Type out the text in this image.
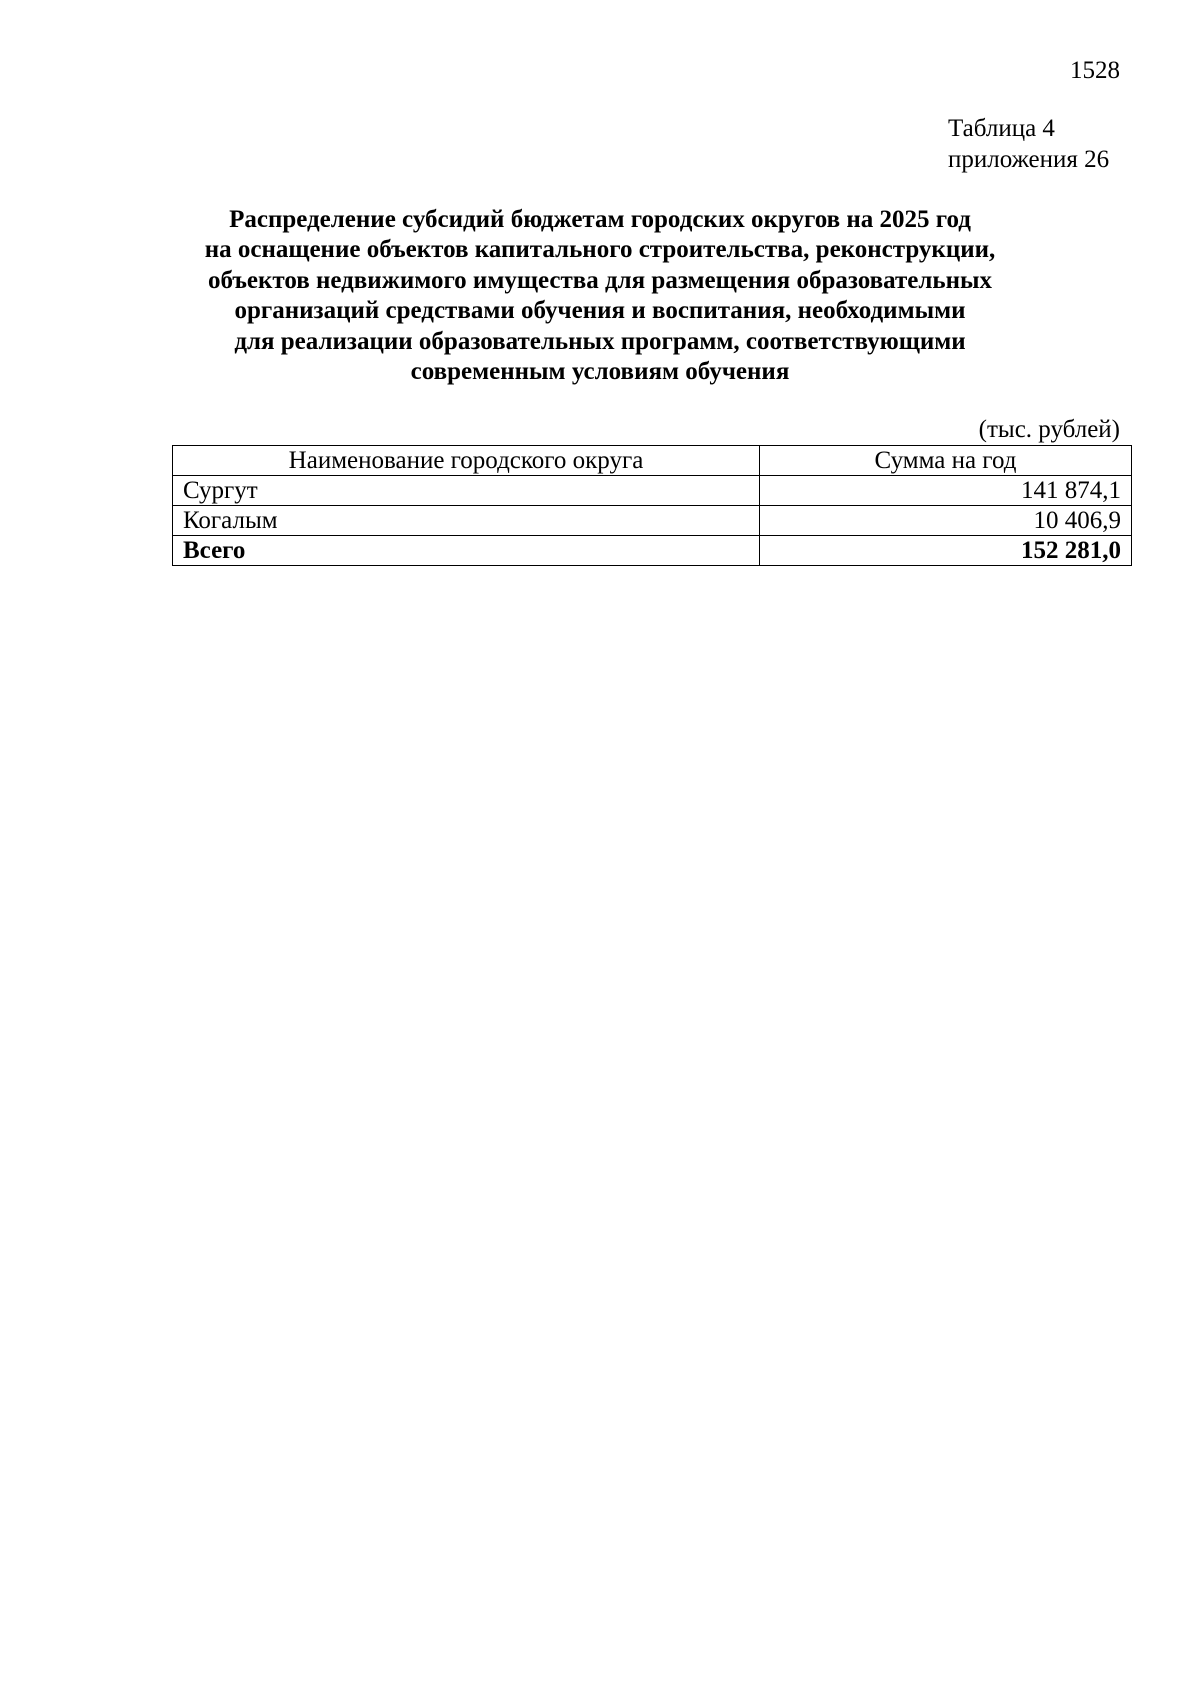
1528
Таблица 4
приложения 26
Распределение субсидий бюджетам городских округов на 2025 год
на оснащение объектов капитального строительства, реконструкции,
объектов недвижимого имущества для размещения образовательных
организаций средствами обучения и воспитания, необходимыми
для реализации образовательных программ, соответствующими
современным условиям обучения
(тыс. рублей)
Наименование городского округа	Сумма на год
Сургут	141 874,1
Когалым	10 406,9
Всего	152 281,0
